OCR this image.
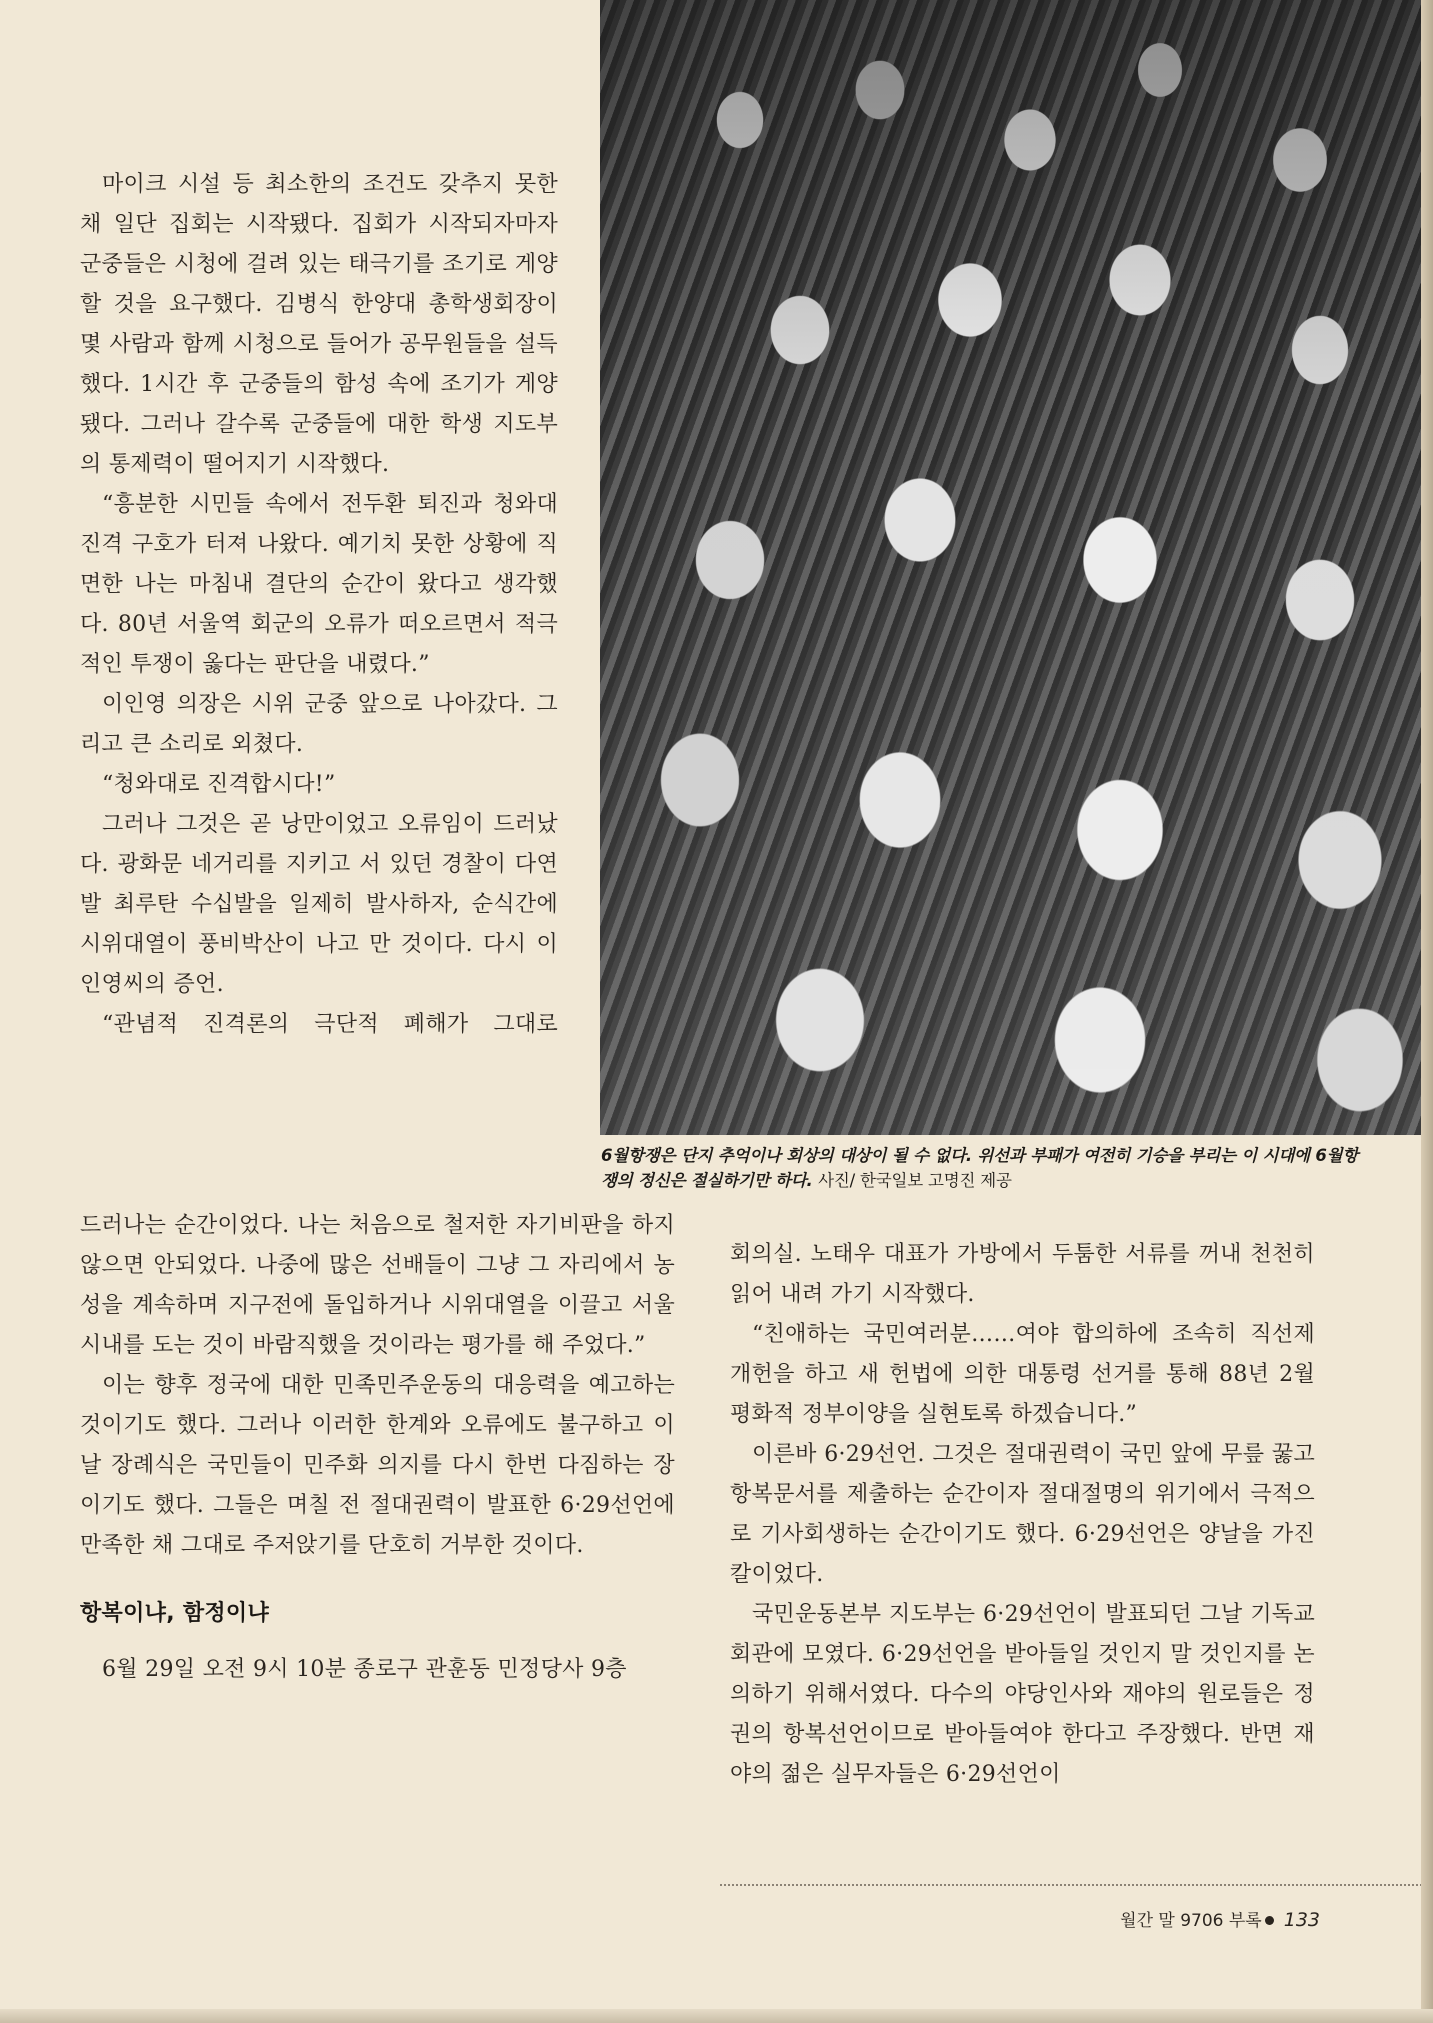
6월항쟁은 단지 추억이나 회상의 대상이 될 수 없다. 위선과 부패가 여전히 기승을 부리는 이 시대에 6월항쟁의 정신은 절실하기만 하다. 사진/ 한국일보 고명진 제공

마이크 시설 등 최소한의 조건도 갖추지 못한 채 일단 집회는 시작됐다. 집회가 시작되자마자 군중들은 시청에 걸려 있는 태극기를 조기로 게양할 것을 요구했다. 김병식 한양대 총학생회장이 몇 사람과 함께 시청으로 들어가 공무원들을 설득했다. 1시간 후 군중들의 함성 속에 조기가 게양됐다. 그러나 갈수록 군중들에 대한 학생 지도부의 통제력이 떨어지기 시작했다.

“흥분한 시민들 속에서 전두환 퇴진과 청와대 진격 구호가 터져 나왔다. 예기치 못한 상황에 직면한 나는 마침내 결단의 순간이 왔다고 생각했다. 80년 서울역 회군의 오류가 떠오르면서 적극적인 투쟁이 옳다는 판단을 내렸다.”

이인영 의장은 시위 군중 앞으로 나아갔다. 그리고 큰 소리로 외쳤다.

“청와대로 진격합시다!”

그러나 그것은 곧 낭만이었고 오류임이 드러났다. 광화문 네거리를 지키고 서 있던 경찰이 다연발 최루탄 수십발을 일제히 발사하자, 순식간에 시위대열이 풍비박산이 나고 만 것이다. 다시 이인영씨의 증언.

“관념적 진격론의 극단적 폐해가 그대로

드러나는 순간이었다. 나는 처음으로 철저한 자기비판을 하지 않으면 안되었다. 나중에 많은 선배들이 그냥 그 자리에서 농성을 계속하며 지구전에 돌입하거나 시위대열을 이끌고 서울 시내를 도는 것이 바람직했을 것이라는 평가를 해 주었다.”

이는 향후 정국에 대한 민족민주운동의 대응력을 예고하는 것이기도 했다. 그러나 이러한 한계와 오류에도 불구하고 이 날 장례식은 국민들이 민주화 의지를 다시 한번 다짐하는 장이기도 했다. 그들은 며칠 전 절대권력이 발표한 6·29선언에 만족한 채 그대로 주저앉기를 단호히 거부한 것이다.

항복이냐, 함정이냐

6월 29일 오전 9시 10분 종로구 관훈동 민정당사 9층

회의실. 노태우 대표가 가방에서 두툼한 서류를 꺼내 천천히 읽어 내려 가기 시작했다.

“친애하는 국민여러분……여야 합의하에 조속히 직선제 개헌을 하고 새 헌법에 의한 대통령 선거를 통해 88년 2월 평화적 정부이양을 실현토록 하겠습니다.”

이른바 6·29선언. 그것은 절대권력이 국민 앞에 무릎 꿇고 항복문서를 제출하는 순간이자 절대절명의 위기에서 극적으로 기사회생하는 순간이기도 했다. 6·29선언은 양날을 가진 칼이었다.

국민운동본부 지도부는 6·29선언이 발표되던 그날 기독교회관에 모였다. 6·29선언을 받아들일 것인지 말 것인지를 논의하기 위해서였다. 다수의 야당인사와 재야의 원로들은 정권의 항복선언이므로 받아들여야 한다고 주장했다. 반면 재야의 젊은 실무자들은 6·29선언이

월간 말 9706 부록 133
